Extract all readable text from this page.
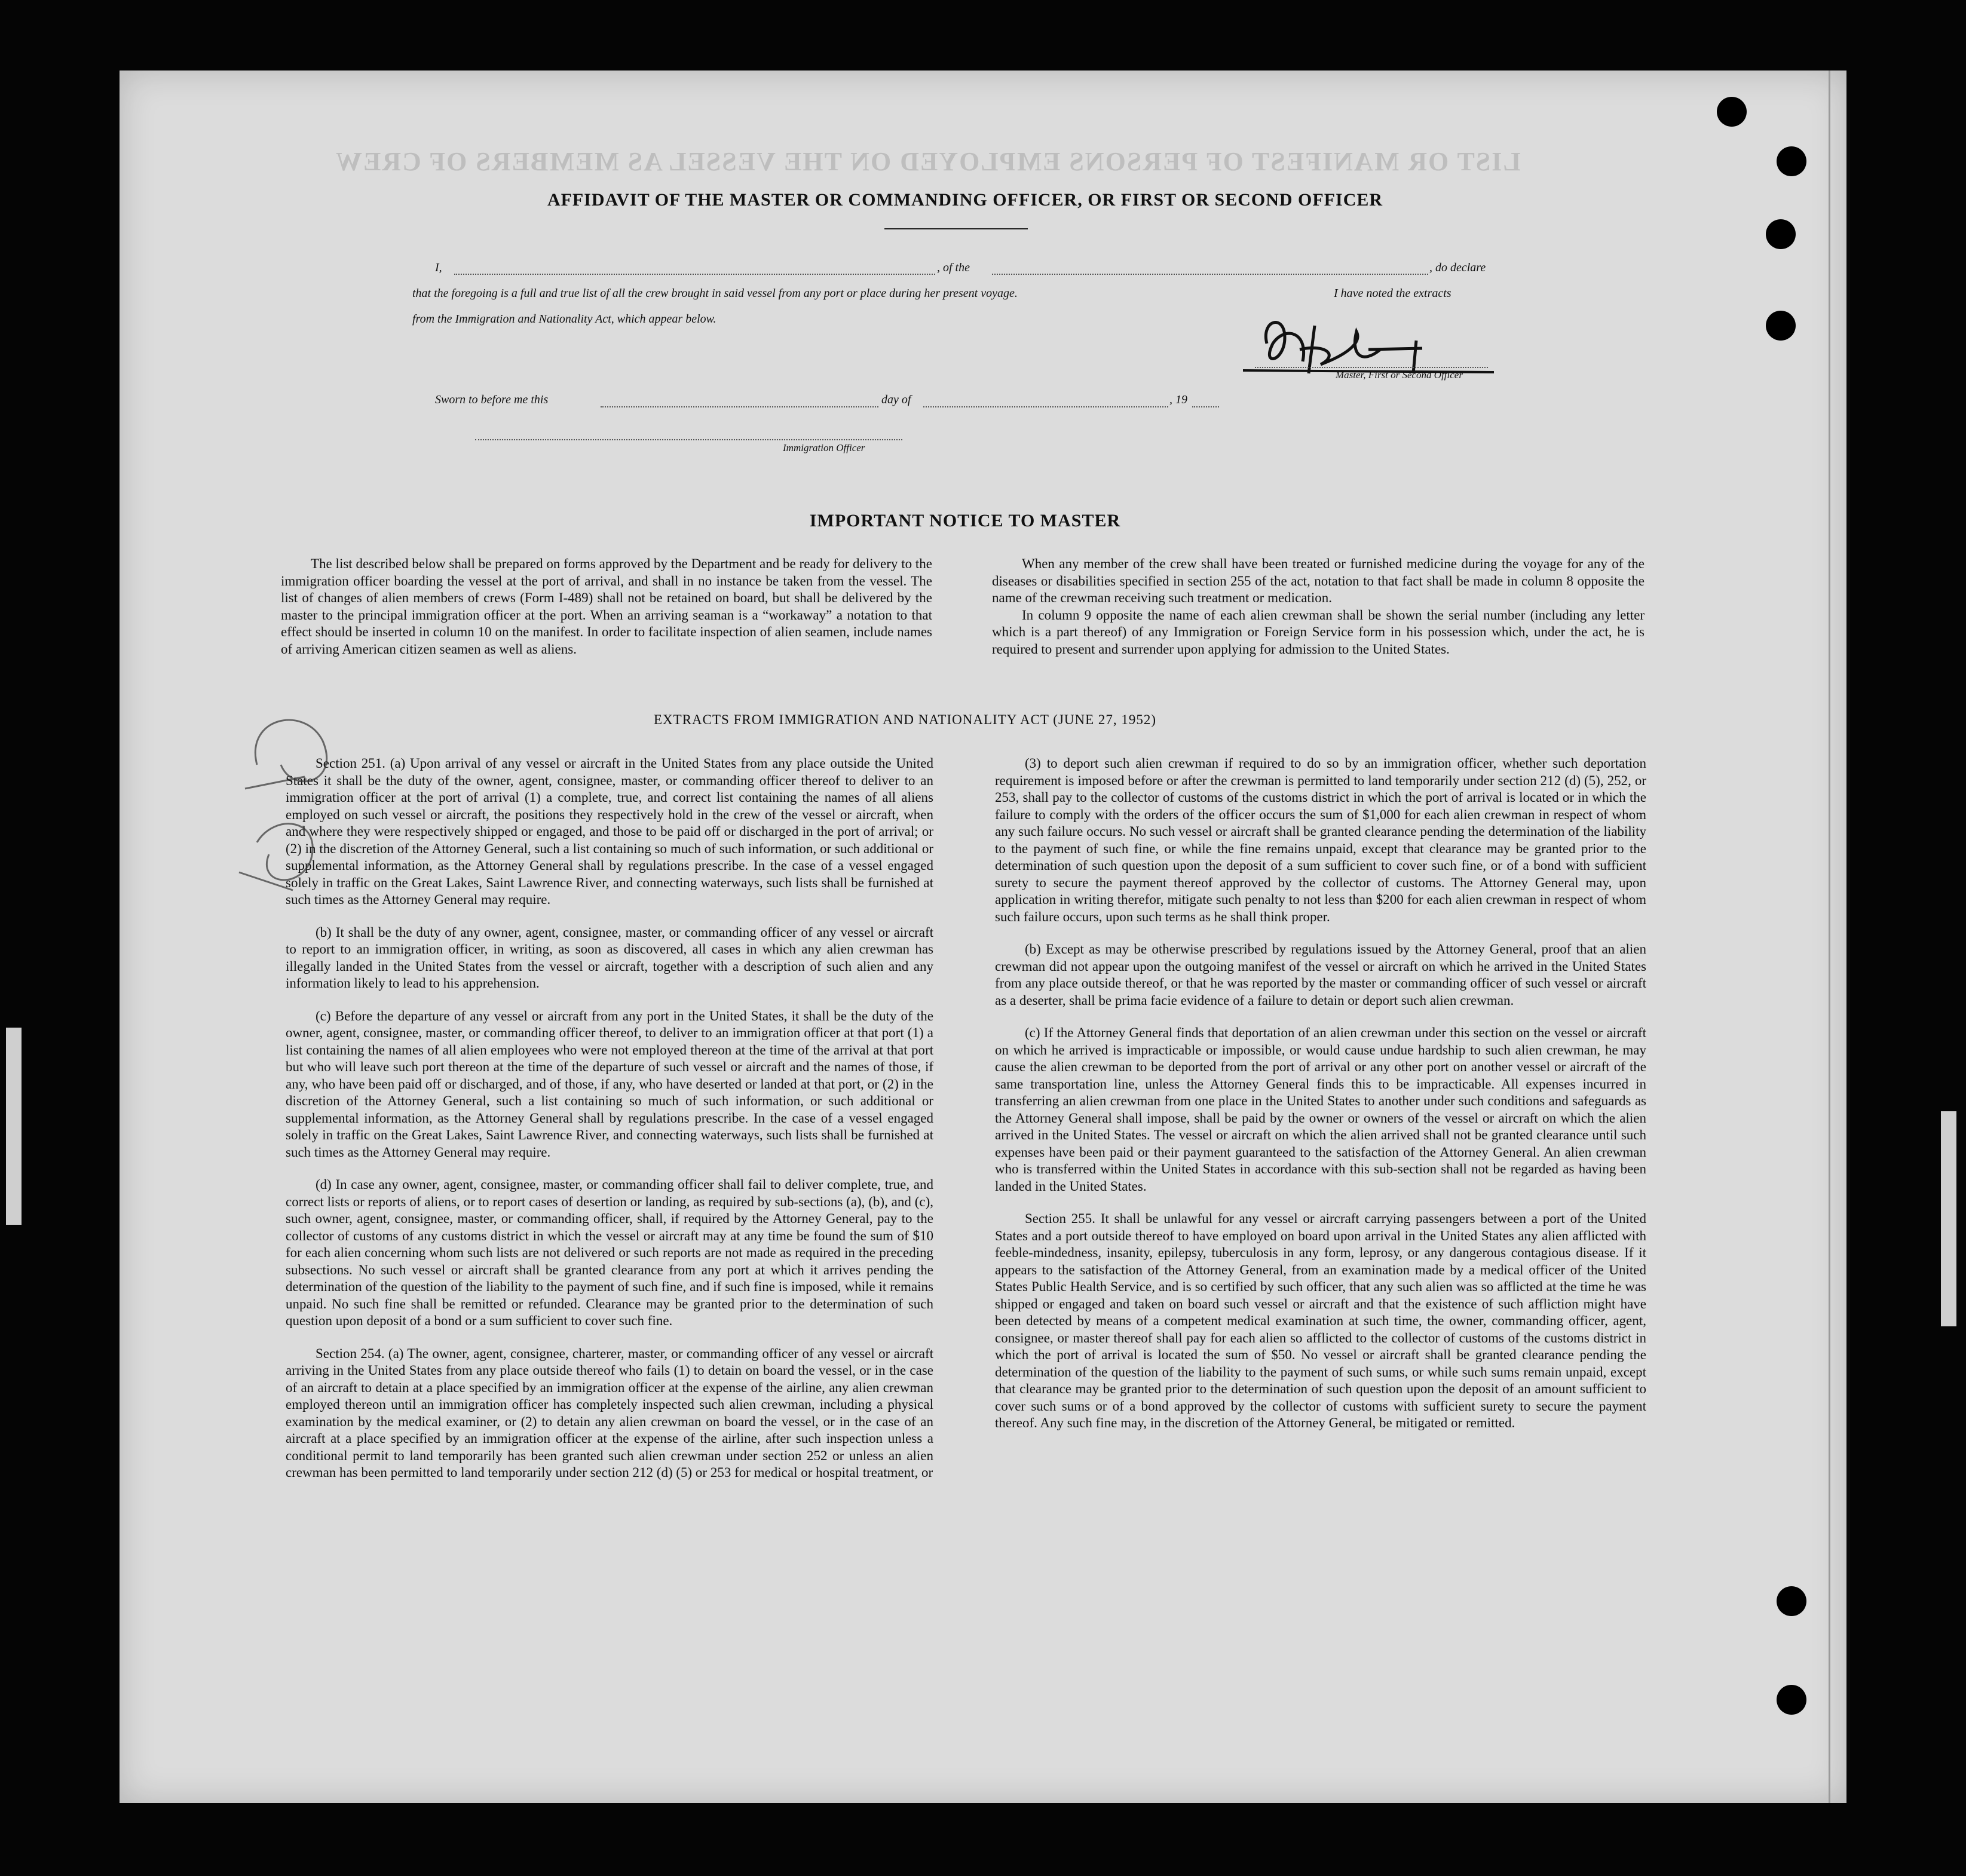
LIST OR MANIFEST OF PERSONS EMPLOYED ON THE VESSEL AS MEMBERS OF CREW
AFFIDAVIT OF THE MASTER OR COMMANDING OFFICER, OR FIRST OR SECOND OFFICER
I,	, of the	, do declare
that the foregoing is a full and true list of all the crew brought in said vessel from any port or place during her present voyage.	I have noted the extracts
from the Immigration and Nationality Act, which appear below.
Master, First or Second Officer
Sworn to before me this	day of	, 19
Immigration Officer
IMPORTANT NOTICE TO MASTER

The list described below shall be prepared on forms approved by the Department and be ready for delivery to the immigration officer boarding the vessel at the port of arrival, and shall in no instance be taken from the vessel. The list of changes of alien members of crews (Form I-489) shall not be retained on board, but shall be delivered by the master to the principal immigration officer at the port. When an arriving seaman is a “workaway” a notation to that effect should be inserted in column 10 on the manifest. In order to facilitate inspection of alien seamen, include names of arriving American citizen seamen as well as aliens.

When any member of the crew shall have been treated or furnished medicine during the voyage for any of the diseases or disabilities specified in section 255 of the act, notation to that fact shall be made in column 8 opposite the name of the crewman receiving such treatment or medication.

In column 9 opposite the name of each alien crewman shall be shown the serial number (including any letter which is a part thereof) of any Immigration or Foreign Service form in his possession which, under the act, he is required to present and surrender upon applying for admission to the United States.

EXTRACTS FROM IMMIGRATION AND NATIONALITY ACT (JUNE 27, 1952)

Section 251. (a) Upon arrival of any vessel or aircraft in the United States from any place outside the United States it shall be the duty of the owner, agent, consignee, master, or commanding officer thereof to deliver to an immigration officer at the port of arrival (1) a complete, true, and correct list containing the names of all aliens employed on such vessel or aircraft, the positions they respectively hold in the crew of the vessel or aircraft, when and where they were respectively shipped or engaged, and those to be paid off or discharged in the port of arrival; or (2) in the discretion of the Attorney General, such a list containing so much of such information, or such additional or supplemental information, as the Attorney General shall by regulations prescribe. In the case of a vessel engaged solely in traffic on the Great Lakes, Saint Lawrence River, and connecting waterways, such lists shall be furnished at such times as the Attorney General may require.

(b) It shall be the duty of any owner, agent, consignee, master, or commanding officer of any vessel or aircraft to report to an immigration officer, in writing, as soon as discovered, all cases in which any alien crewman has illegally landed in the United States from the vessel or aircraft, together with a description of such alien and any information likely to lead to his apprehension.

(c) Before the departure of any vessel or aircraft from any port in the United States, it shall be the duty of the owner, agent, consignee, master, or commanding officer thereof, to deliver to an immigration officer at that port (1) a list containing the names of all alien employees who were not employed thereon at the time of the arrival at that port but who will leave such port thereon at the time of the departure of such vessel or aircraft and the names of those, if any, who have been paid off or discharged, and of those, if any, who have deserted or landed at that port, or (2) in the discretion of the Attorney General, such a list containing so much of such information, or such additional or supplemental information, as the Attorney General shall by regulations prescribe. In the case of a vessel engaged solely in traffic on the Great Lakes, Saint Lawrence River, and connecting waterways, such lists shall be furnished at such times as the Attorney General may require.

(d) In case any owner, agent, consignee, master, or commanding officer shall fail to deliver complete, true, and correct lists or reports of aliens, or to report cases of desertion or landing, as required by sub-sections (a), (b), and (c), such owner, agent, consignee, master, or commanding officer, shall, if required by the Attorney General, pay to the collector of customs of any customs district in which the vessel or aircraft may at any time be found the sum of $10 for each alien concerning whom such lists are not delivered or such reports are not made as required in the preceding subsections. No such vessel or aircraft shall be granted clearance from any port at which it arrives pending the determination of the question of the liability to the payment of such fine, and if such fine is imposed, while it remains unpaid. No such fine shall be remitted or refunded. Clearance may be granted prior to the determination of such question upon deposit of a bond or a sum sufficient to cover such fine.

Section 254. (a) The owner, agent, consignee, charterer, master, or commanding officer of any vessel or aircraft arriving in the United States from any place outside thereof who fails (1) to detain on board the vessel, or in the case of an aircraft to detain at a place specified by an immigration officer at the expense of the airline, any alien crewman employed thereon until an immigration officer has completely inspected such alien crewman, including a physical examination by the medical examiner, or (2) to detain any alien crewman on board the vessel, or in the case of an aircraft at a place specified by an immigration officer at the expense of the airline, after such inspection unless a conditional permit to land temporarily has been granted such alien crewman under section 252 or unless an alien crewman has been permitted to land temporarily under section 212 (d) (5) or 253 for medical or hospital treatment, or

(3) to deport such alien crewman if required to do so by an immigration officer, whether such deportation requirement is imposed before or after the crewman is permitted to land temporarily under section 212 (d) (5), 252, or 253, shall pay to the collector of customs of the customs district in which the port of arrival is located or in which the failure to comply with the orders of the officer occurs the sum of $1,000 for each alien crewman in respect of whom any such failure occurs. No such vessel or aircraft shall be granted clearance pending the determination of the liability to the payment of such fine, or while the fine remains unpaid, except that clearance may be granted prior to the determination of such question upon the deposit of a sum sufficient to cover such fine, or of a bond with sufficient surety to secure the payment thereof approved by the collector of customs. The Attorney General may, upon application in writing therefor, mitigate such penalty to not less than $200 for each alien crewman in respect of whom such failure occurs, upon such terms as he shall think proper.

(b) Except as may be otherwise prescribed by regulations issued by the Attorney General, proof that an alien crewman did not appear upon the outgoing manifest of the vessel or aircraft on which he arrived in the United States from any place outside thereof, or that he was reported by the master or commanding officer of such vessel or aircraft as a deserter, shall be prima facie evidence of a failure to detain or deport such alien crewman.

(c) If the Attorney General finds that deportation of an alien crewman under this section on the vessel or aircraft on which he arrived is impracticable or impossible, or would cause undue hardship to such alien crewman, he may cause the alien crewman to be deported from the port of arrival or any other port on another vessel or aircraft of the same transportation line, unless the Attorney General finds this to be impracticable. All expenses incurred in transferring an alien crewman from one place in the United States to another under such conditions and safeguards as the Attorney General shall impose, shall be paid by the owner or owners of the vessel or aircraft on which the alien arrived in the United States. The vessel or aircraft on which the alien arrived shall not be granted clearance until such expenses have been paid or their payment guaranteed to the satisfaction of the Attorney General. An alien crewman who is transferred within the United States in accordance with this sub-section shall not be regarded as having been landed in the United States.

Section 255. It shall be unlawful for any vessel or aircraft carrying passengers between a port of the United States and a port outside thereof to have employed on board upon arrival in the United States any alien afflicted with feeble-mindedness, insanity, epilepsy, tuberculosis in any form, leprosy, or any dangerous contagious disease. If it appears to the satisfaction of the Attorney General, from an examination made by a medical officer of the United States Public Health Service, and is so certified by such officer, that any such alien was so afflicted at the time he was shipped or engaged and taken on board such vessel or aircraft and that the existence of such affliction might have been detected by means of a competent medical examination at such time, the owner, commanding officer, agent, consignee, or master thereof shall pay for each alien so afflicted to the collector of customs of the customs district in which the port of arrival is located the sum of $50. No vessel or aircraft shall be granted clearance pending the determination of the question of the liability to the payment of such sums, or while such sums remain unpaid, except that clearance may be granted prior to the determination of such question upon the deposit of an amount sufficient to cover such sums or of a bond approved by the collector of customs with sufficient surety to secure the payment thereof. Any such fine may, in the discretion of the Attorney General, be mitigated or remitted.
